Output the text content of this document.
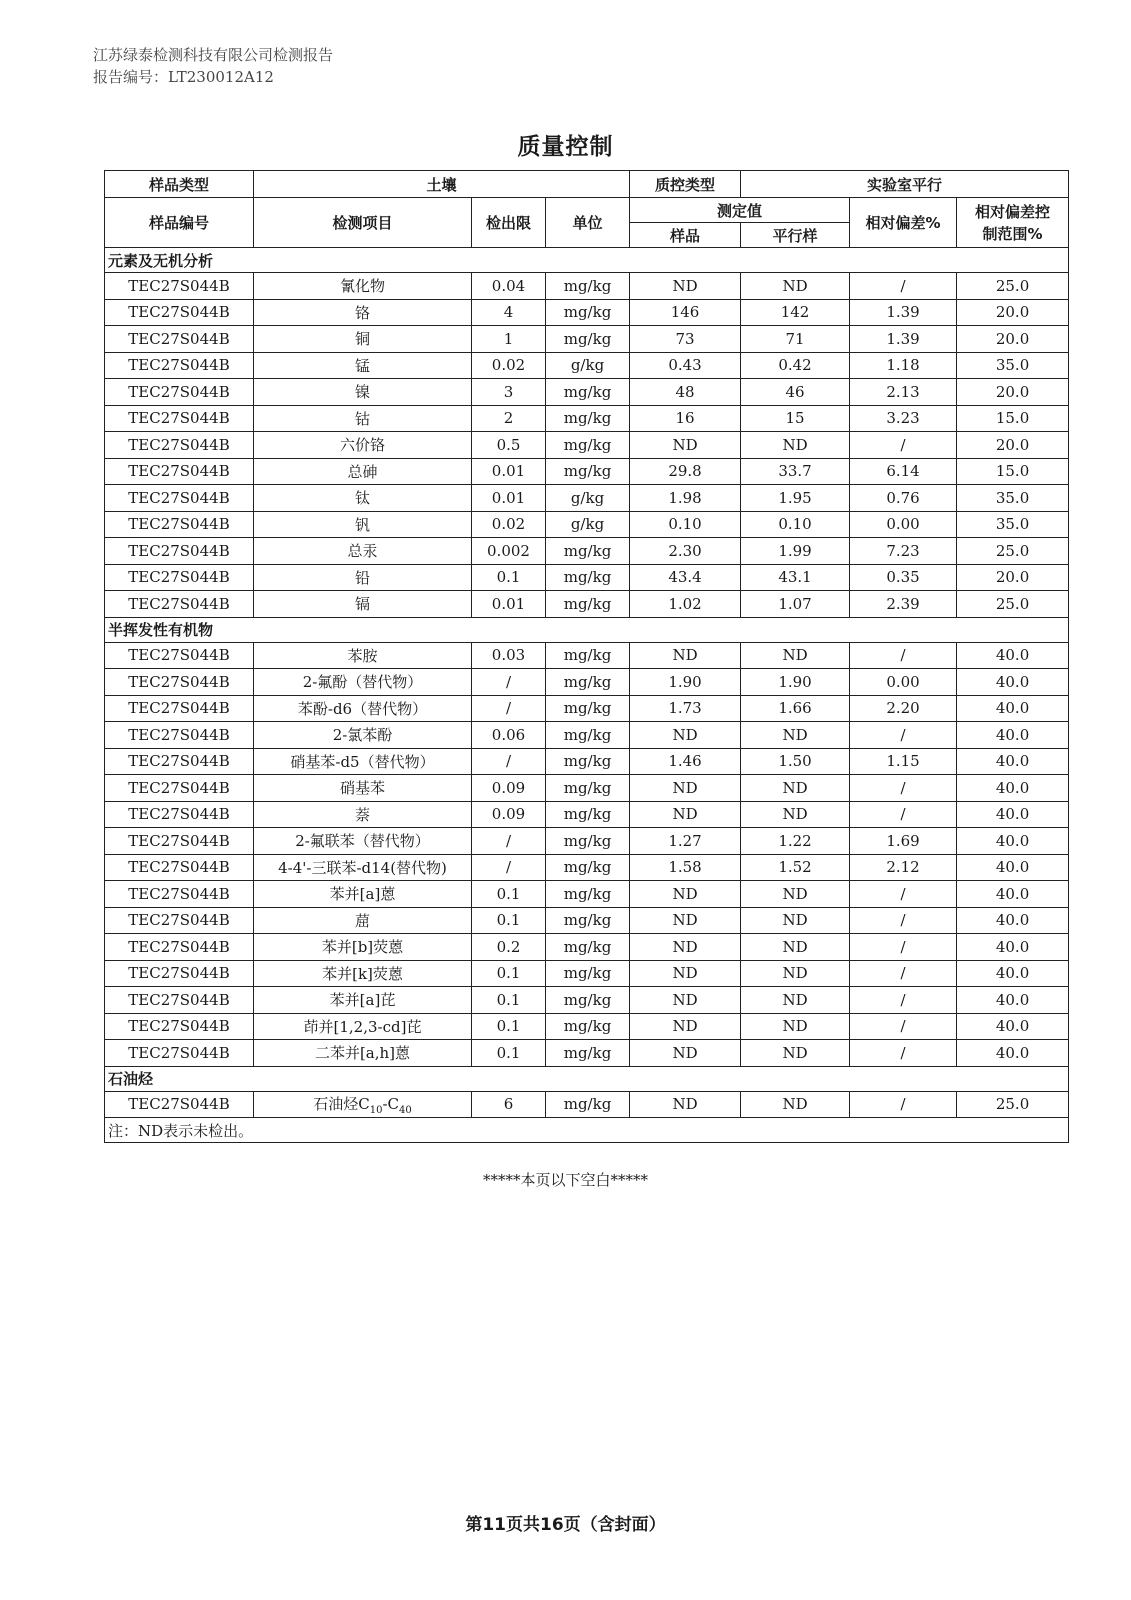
江苏绿泰检测科技有限公司检测报告
报告编号：LT230012A12
质量控制
样品类型	土壤			质控类型	实验室平行		
样品编号	检测项目	检出限	单位	测定值		相对偏差%	相对偏差控
制范围%

				样品	平行样		
元素及无机分析							
TEC27S044B	氰化物	0.04	mg/kg	ND	ND	/	25.0
TEC27S044B	铬	4	mg/kg	146	142	1.39	20.0
TEC27S044B	铜	1	mg/kg	73	71	1.39	20.0
TEC27S044B	锰	0.02	g/kg	0.43	0.42	1.18	35.0
TEC27S044B	镍	3	mg/kg	48	46	2.13	20.0
TEC27S044B	钴	2	mg/kg	16	15	3.23	15.0
TEC27S044B	六价铬	0.5	mg/kg	ND	ND	/	20.0
TEC27S044B	总砷	0.01	mg/kg	29.8	33.7	6.14	15.0
TEC27S044B	钛	0.01	g/kg	1.98	1.95	0.76	35.0
TEC27S044B	钒	0.02	g/kg	0.10	0.10	0.00	35.0
TEC27S044B	总汞	0.002	mg/kg	2.30	1.99	7.23	25.0
TEC27S044B	铅	0.1	mg/kg	43.4	43.1	0.35	20.0
TEC27S044B	镉	0.01	mg/kg	1.02	1.07	2.39	25.0
半挥发性有机物							
TEC27S044B	苯胺	0.03	mg/kg	ND	ND	/	40.0
TEC27S044B	2-氟酚（替代物）	/	mg/kg	1.90	1.90	0.00	40.0
TEC27S044B	苯酚-d6（替代物）	/	mg/kg	1.73	1.66	2.20	40.0
TEC27S044B	2-氯苯酚	0.06	mg/kg	ND	ND	/	40.0
TEC27S044B	硝基苯-d5（替代物）	/	mg/kg	1.46	1.50	1.15	40.0
TEC27S044B	硝基苯	0.09	mg/kg	ND	ND	/	40.0
TEC27S044B	萘	0.09	mg/kg	ND	ND	/	40.0
TEC27S044B	2-氟联苯（替代物）	/	mg/kg	1.27	1.22	1.69	40.0
TEC27S044B	4-4'-三联苯-d14(替代物)	/	mg/kg	1.58	1.52	2.12	40.0
TEC27S044B	苯并[a]蒽	0.1	mg/kg	ND	ND	/	40.0
TEC27S044B	䓛	0.1	mg/kg	ND	ND	/	40.0
TEC27S044B	苯并[b]荧蒽	0.2	mg/kg	ND	ND	/	40.0
TEC27S044B	苯并[k]荧蒽	0.1	mg/kg	ND	ND	/	40.0
TEC27S044B	苯并[a]芘	0.1	mg/kg	ND	ND	/	40.0
TEC27S044B	茚并[1,2,3-cd]芘	0.1	mg/kg	ND	ND	/	40.0
TEC27S044B	二苯并[a,h]蒽	0.1	mg/kg	ND	ND	/	40.0
石油烃							
TEC27S044B	石油烃$C_{10}-C_{40}$	6	mg/kg	ND	ND	/	25.0
注：ND表示未检出。							
*****本页以下空白*****
第11页共16页（含封面）
